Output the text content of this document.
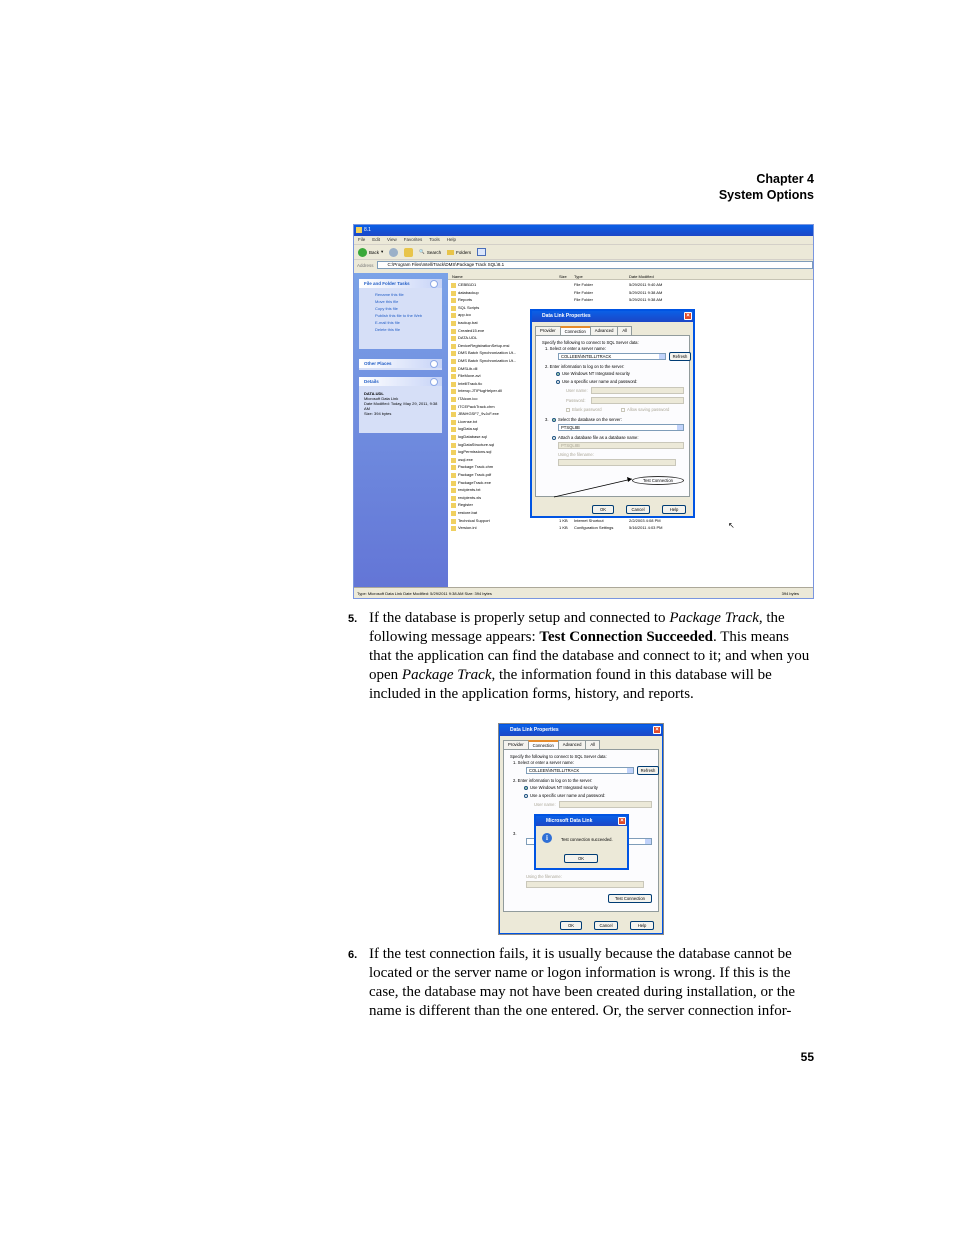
Chapter 4
System Options
8.1
File Edit View Favorites Tools Help
Back ▾	🔍 Search	Folders
Address	C:\Program Files\IntelliTrack\DMS\Package Track SQL\8.1
File and Folder Tasks
Rename this file
Move this file
Copy this file
Publish this file to the Web
E-mail this file
Delete this file
Other Places
Details
DATA.UDL
Microsoft Data Link
Date Modified: Today, May 29, 2011, 9:38 AM
Size: 394 bytes
Name	Size Type	Date Modified
CEBB1D1	File Folder	5/29/2011 9:40 AM
databackup	File Folder	5/29/2011 9:38 AM
Reports	File Folder	5/29/2011 9:38 AM
SQL Scripts
app.ico
backup.bat
Created15.exe
DATA.UDL
DeviceRegistrationSetup.msi
DMS Batch Synchronization Ut...
DMS Batch Synchronization Ut...
DMSLib.dll
FileMove.avi
IntelliTrack.tlc
Interop.JTIPlugHelper.dll
ITAicon.ico
ITCEPackTrack.chm
JBNHGSF7_9vJcF.exe
License.txt
logData.sql
logDatabase.sql
logDataStructure.sql
logPermissions.sql
osql.exe
Package Track.chm
Package Track.pdf
PackageTrack.exe
recipients.txt
recipients.xls
Register
restore.bat
Technical Support	1 KB Internet Shortcut	2/2/2003 4:08 PM
Version.ini	1 KB Configuration Settings	5/16/2011 4:03 PM	↖
Data Link Properties	×
Provider	Connection	Advanced	All
Specify the following to connect to SQL Server data:
1. Select or enter a server name:
COLLEEN\INTELLITRACK	Refresh
2. Enter information to log on to the server:
Use Windows NT Integrated security
Use a specific user name and password:
User name:
Password:
Blank password	Allow saving password
3.	Select the database on the server:
PTSQL8B
Attach a database file as a database name:
PTSQL8B
Using the filename:
Test Connection
OK	Cancel	Help
Type: Microsoft Data Link Date Modified: 5/29/2011 9:38 AM Size: 394 bytes	394 bytes
5. If the database is properly setup and connected to Package Track, the following message appears: Test Connection Succeeded. This means that the application can find the database and connect to it; and when you open Package Track, the information found in this database will be included in the application forms, history, and reports.
Data Link Properties	×
Provider	Connection	Advanced	All
Specify the following to connect to SQL Server data:
1. Select or enter a server name:
COLLEEN\INTELLITRACK	Refresh
2. Enter information to log on to the server:
Use Windows NT Integrated security
Use a specific user name and password:
User name:
3.
Using the filename:
Test Connection
OK	Cancel	Help
Microsoft Data Link	×
i	Test connection succeeded.
OK
6. If the test connection fails, it is usually because the database cannot be located or the server name or logon information is wrong. If this is the case, the database may not have been created during installation, or the name is different than the one entered. Or, the server connection infor-
55
